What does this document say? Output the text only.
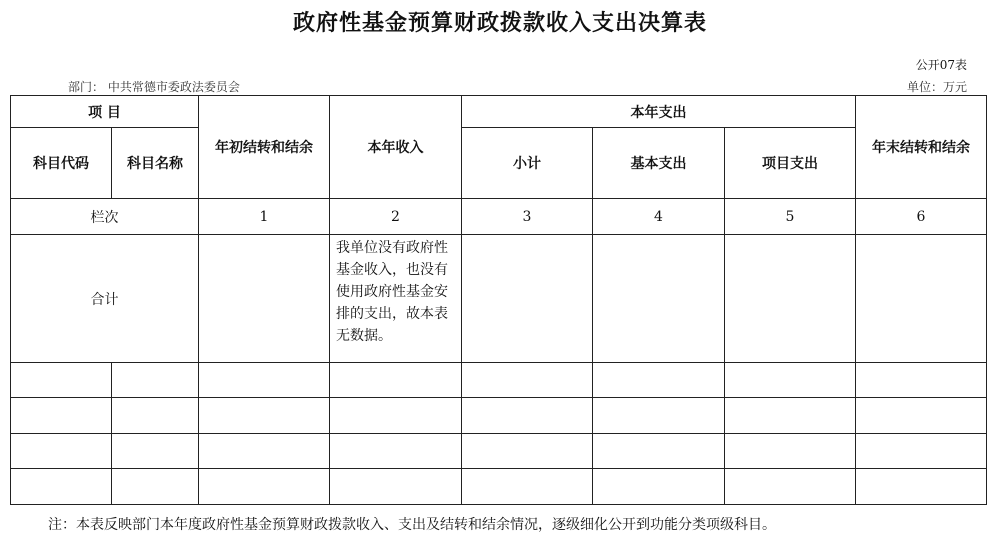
政府性基金预算财政拨款收入支出决算表
公开07表
部门： 中共常德市委政法委员会	单位：万元
项 目		年初结转和结余	本年收入	本年支出			年末结转和结余
科目代码	科目名称			小计	基本支出	项目支出	
栏次		1	2	3	4	5	6
合计			我单位没有政府性基金收入，也没有使用政府性基金安排的支出，故本表无数据。				

注：本表反映部门本年度政府性基金预算财政拨款收入、支出及结转和结余情况，逐级细化公开到功能分类项级科目。
